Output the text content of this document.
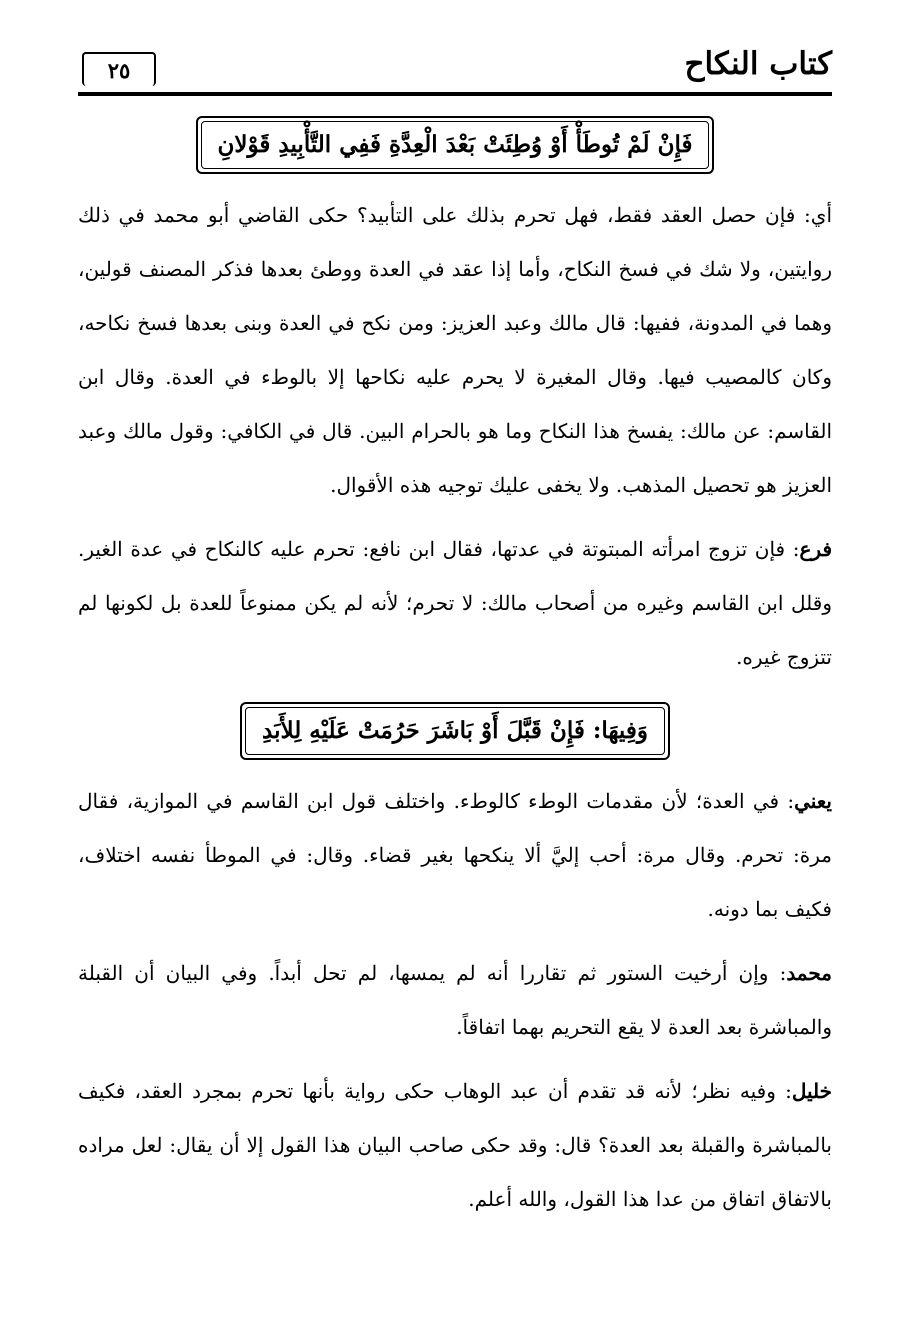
كتاب النكاح
٢٥
فَإِنْ لَمْ تُوطَأْ أَوْ وُطِئَتْ بَعْدَ الْعِدَّةِ فَفِي التَّأْبِيدِ قَوْلانِ

أي: فإن حصل العقد فقط، فهل تحرم بذلك على التأبيد؟ حكى القاضي أبو محمد في ذلك روايتين، ولا شك في فسخ النكاح، وأما إذا عقد في العدة ووطئ بعدها فذكر المصنف قولين، وهما في المدونة، ففيها: قال مالك وعبد العزيز: ومن نكح في العدة وبنى بعدها فسخ نكاحه، وكان كالمصيب فيها. وقال المغيرة لا يحرم عليه نكاحها إلا بالوطء في العدة. وقال ابن القاسم: عن مالك: يفسخ هذا النكاح وما هو بالحرام البين. قال في الكافي: وقول مالك وعبد العزيز هو تحصيل المذهب. ولا يخفى عليك توجيه هذه الأقوال.

فرع: فإن تزوج امرأته المبتوتة في عدتها، فقال ابن نافع: تحرم عليه كالنكاح في عدة الغير. وقلل ابن القاسم وغيره من أصحاب مالك: لا تحرم؛ لأنه لم يكن ممنوعاً للعدة بل لكونها لم تتزوج غيره.

وَفِيهَا: فَإِنْ قَبَّلَ أَوْ بَاشَرَ حَرُمَتْ عَلَيْهِ لِلأَبَدِ

يعني: في العدة؛ لأن مقدمات الوطء كالوطء. واختلف قول ابن القاسم في الموازية، فقال مرة: تحرم. وقال مرة: أحب إليَّ ألا ينكحها بغير قضاء. وقال: في الموطأ نفسه اختلاف، فكيف بما دونه.

محمد: وإن أرخيت الستور ثم تقاررا أنه لم يمسها، لم تحل أبداً. وفي البيان أن القبلة والمباشرة بعد العدة لا يقع التحريم بهما اتفاقاً.

خليل: وفيه نظر؛ لأنه قد تقدم أن عبد الوهاب حكى رواية بأنها تحرم بمجرد العقد، فكيف بالمباشرة والقبلة بعد العدة؟ قال: وقد حكى صاحب البيان هذا القول إلا أن يقال: لعل مراده بالاتفاق اتفاق من عدا هذا القول، والله أعلم.
